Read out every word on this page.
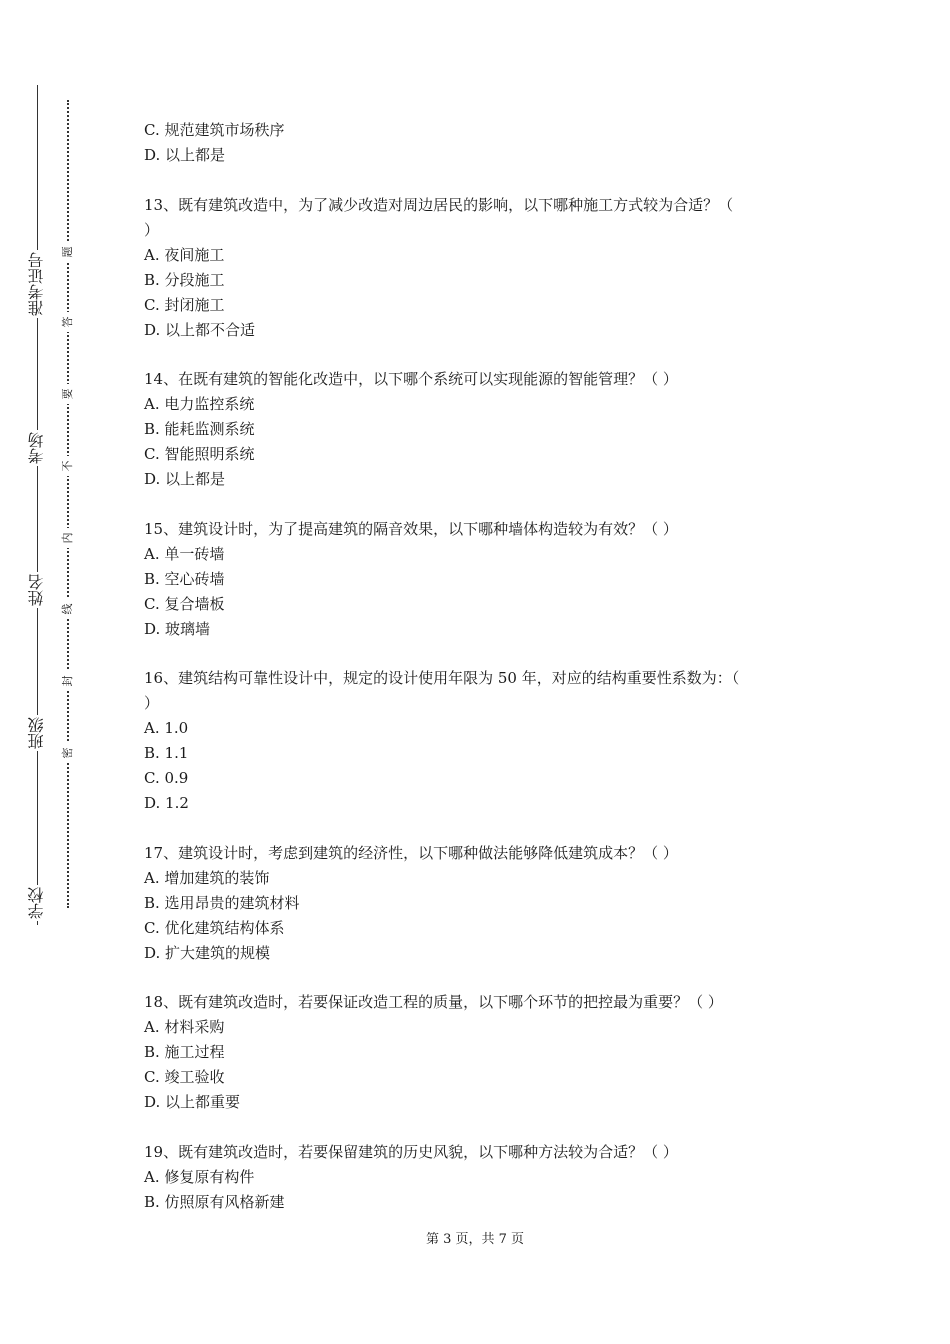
准考证号
考场
姓名
班级
学校
题
答
要
不
内
线
封
密
C. 规范建筑市场秩序
D. 以上都是
13、既有建筑改造中，为了减少改造对周边居民的影响，以下哪种施工方式较为合适？（
）
A. 夜间施工
B. 分段施工
C. 封闭施工
D. 以上都不合适
14、在既有建筑的智能化改造中，以下哪个系统可以实现能源的智能管理？（ ）
A. 电力监控系统
B. 能耗监测系统
C. 智能照明系统
D. 以上都是
15、建筑设计时，为了提高建筑的隔音效果，以下哪种墙体构造较为有效？（ ）
A. 单一砖墙
B. 空心砖墙
C. 复合墙板
D. 玻璃墙
16、建筑结构可靠性设计中，规定的设计使用年限为 50 年，对应的结构重要性系数为：（
）
A. 1.0
B. 1.1
C. 0.9
D. 1.2
17、建筑设计时，考虑到建筑的经济性，以下哪种做法能够降低建筑成本？（ ）
A. 增加建筑的装饰
B. 选用昂贵的建筑材料
C. 优化建筑结构体系
D. 扩大建筑的规模
18、既有建筑改造时，若要保证改造工程的质量，以下哪个环节的把控最为重要？（ ）
A. 材料采购
B. 施工过程
C. 竣工验收
D. 以上都重要
19、既有建筑改造时，若要保留建筑的历史风貌，以下哪种方法较为合适？（ ）
A. 修复原有构件
B. 仿照原有风格新建
第 3 页，共 7 页
